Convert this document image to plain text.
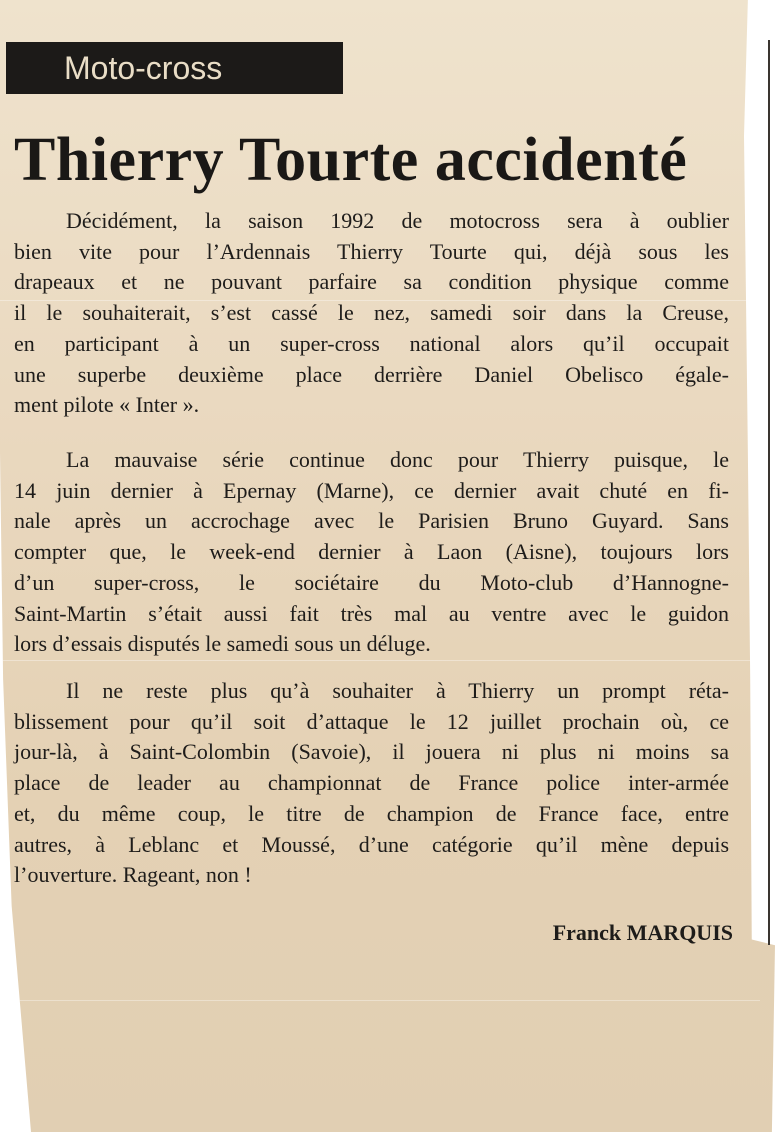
Moto-cross
Thierry Tourte accidenté

Décidément, la saison 1992 de motocross sera à oublier
bien vite pour l’Ardennais Thierry Tourte qui, déjà sous les
drapeaux et ne pouvant parfaire sa condition physique comme
il le souhaiterait, s’est cassé le nez, samedi soir dans la Creuse,
en participant à un super-cross national alors qu’il occupait
une superbe deuxième place derrière Daniel Obelisco égale-
ment pilote « Inter ».

La mauvaise série continue donc pour Thierry puisque, le
14 juin dernier à Epernay (Marne), ce dernier avait chuté en fi-
nale après un accrochage avec le Parisien Bruno Guyard. Sans
compter que, le week-end dernier à Laon (Aisne), toujours lors
d’un super-cross, le sociétaire du Moto-club d’Hannogne-
Saint-Martin s’était aussi fait très mal au ventre avec le guidon
lors d’essais disputés le samedi sous un déluge.

Il ne reste plus qu’à souhaiter à Thierry un prompt réta-
blissement pour qu’il soit d’attaque le 12 juillet prochain où, ce
jour-là, à Saint-Colombin (Savoie), il jouera ni plus ni moins sa
place de leader au championnat de France police inter-armée
et, du même coup, le titre de champion de France face, entre
autres, à Leblanc et Moussé, d’une catégorie qu’il mène depuis
l’ouverture. Rageant, non !

Franck MARQUIS
